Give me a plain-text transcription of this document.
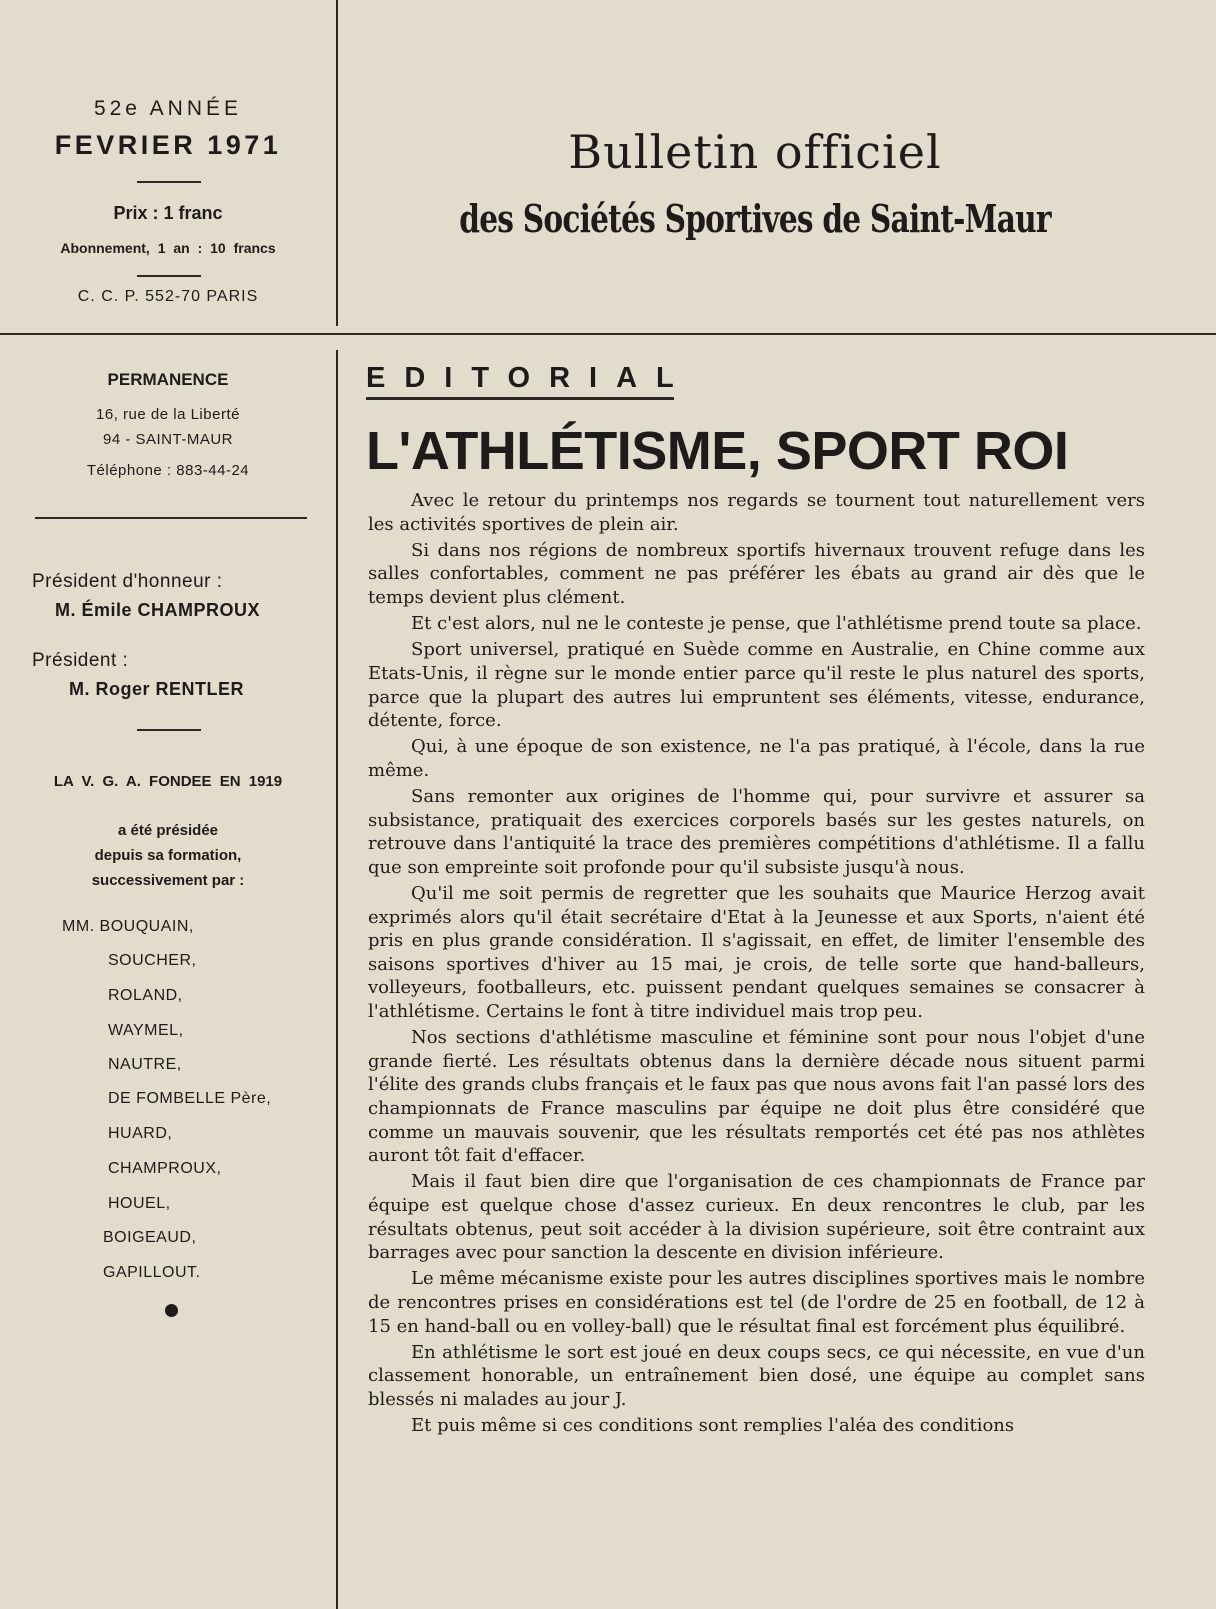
52e ANNÉE
FEVRIER 1971
Prix : 1 franc
Abonnement, 1 an : 10 francs
C. C. P. 552-70 PARIS
Bulletin officiel
des Sociétés Sportives de Saint-Maur
PERMANENCE
16, rue de la Liberté
94 - SAINT-MAUR
Téléphone : 883-44-24
Président d'honneur :
M. Émile CHAMPROUX
Président :
M. Roger RENTLER
LA V. G. A. FONDEE EN 1919
a été présidée
depuis sa formation,
successivement par :
MM. BOUQUAIN,
SOUCHER,
ROLAND,
WAYMEL,
NAUTRE,
DE FOMBELLE Père,
HUARD,
CHAMPROUX,
HOUEL,
BOIGEAUD,
GAPILLOUT.
EDITORIAL
L'ATHLÉTISME, SPORT ROI

Avec le retour du printemps nos regards se tournent tout naturellement vers les activités sportives de plein air.

Si dans nos régions de nombreux sportifs hivernaux trouvent refuge dans les salles confortables, comment ne pas préférer les ébats au grand air dès que le temps devient plus clément.

Et c'est alors, nul ne le conteste je pense, que l'athlétisme prend toute sa place.

Sport universel, pratiqué en Suède comme en Australie, en Chine comme aux Etats-Unis, il règne sur le monde entier parce qu'il reste le plus naturel des sports, parce que la plupart des autres lui empruntent ses éléments, vitesse, endurance, détente, force.

Qui, à une époque de son existence, ne l'a pas pratiqué, à l'école, dans la rue même.

Sans remonter aux origines de l'homme qui, pour survivre et assurer sa subsistance, pratiquait des exercices corporels basés sur les gestes naturels, on retrouve dans l'antiquité la trace des premières compétitions d'athlétisme. Il a fallu que son empreinte soit profonde pour qu'il subsiste jusqu'à nous.

Qu'il me soit permis de regretter que les souhaits que Maurice Herzog avait exprimés alors qu'il était secrétaire d'Etat à la Jeunesse et aux Sports, n'aient été pris en plus grande considération. Il s'agissait, en effet, de limiter l'ensemble des saisons sportives d'hiver au 15 mai, je crois, de telle sorte que hand-balleurs, volleyeurs, footballeurs, etc. puissent pendant quelques semaines se consacrer à l'athlétisme. Certains le font à titre individuel mais trop peu.

Nos sections d'athlétisme masculine et féminine sont pour nous l'objet d'une grande fierté. Les résultats obtenus dans la dernière décade nous situent parmi l'élite des grands clubs français et le faux pas que nous avons fait l'an passé lors des championnats de France masculins par équipe ne doit plus être considéré que comme un mauvais souvenir, que les résultats remportés cet été pas nos athlètes auront tôt fait d'effacer.

Mais il faut bien dire que l'organisation de ces championnats de France par équipe est quelque chose d'assez curieux. En deux rencontres le club, par les résultats obtenus, peut soit accéder à la division supérieure, soit être contraint aux barrages avec pour sanction la descente en division inférieure.

Le même mécanisme existe pour les autres disciplines sportives mais le nombre de rencontres prises en considérations est tel (de l'ordre de 25 en football, de 12 à 15 en hand-ball ou en volley-ball) que le résultat final est forcément plus équilibré.

En athlétisme le sort est joué en deux coups secs, ce qui nécessite, en vue d'un classement honorable, un entraînement bien dosé, une équipe au complet sans blessés ni malades au jour J.

Et puis même si ces conditions sont remplies l'aléa des conditions
